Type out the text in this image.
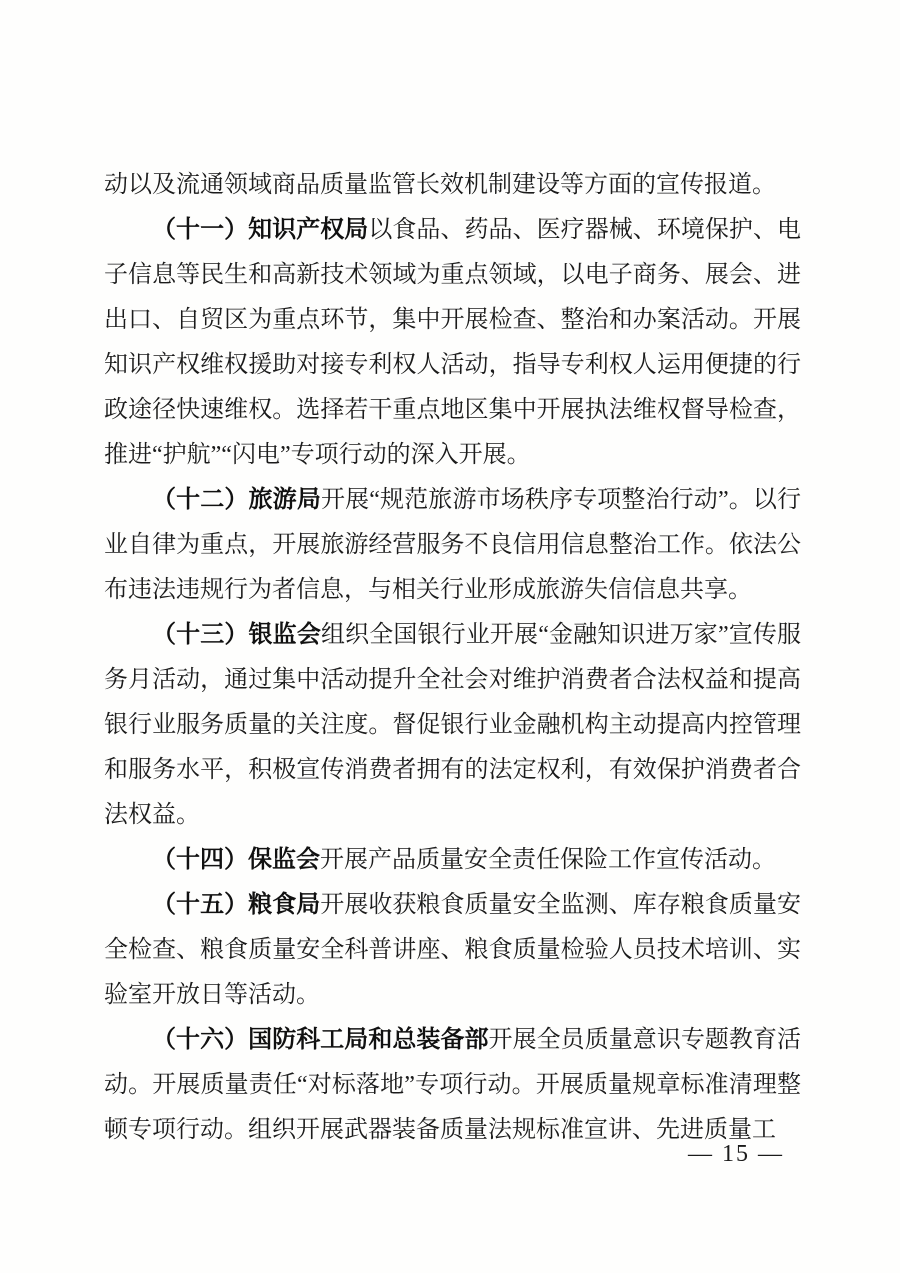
动以及流通领域商品质量监管长效机制建设等方面的宣传报道。

（十一）知识产权局以食品、药品、医疗器械、环境保护、电子信息等民生和高新技术领域为重点领域，以电子商务、展会、进出口、自贸区为重点环节，集中开展检查、整治和办案活动。开展知识产权维权援助对接专利权人活动，指导专利权人运用便捷的行政途径快速维权。选择若干重点地区集中开展执法维权督导检查，推进“护航”“闪电”专项行动的深入开展。

（十二）旅游局开展“规范旅游市场秩序专项整治行动”。以行业自律为重点，开展旅游经营服务不良信用信息整治工作。依法公布违法违规行为者信息，与相关行业形成旅游失信信息共享。

（十三）银监会组织全国银行业开展“金融知识进万家”宣传服务月活动，通过集中活动提升全社会对维护消费者合法权益和提高银行业服务质量的关注度。督促银行业金融机构主动提高内控管理和服务水平，积极宣传消费者拥有的法定权利，有效保护消费者合法权益。

（十四）保监会开展产品质量安全责任保险工作宣传活动。

（十五）粮食局开展收获粮食质量安全监测、库存粮食质量安全检查、粮食质量安全科普讲座、粮食质量检验人员技术培训、实验室开放日等活动。

（十六）国防科工局和总装备部开展全员质量意识专题教育活动。开展质量责任“对标落地”专项行动。开展质量规章标准清理整顿专项行动。组织开展武器装备质量法规标准宣讲、先进质量工

— 15 —
